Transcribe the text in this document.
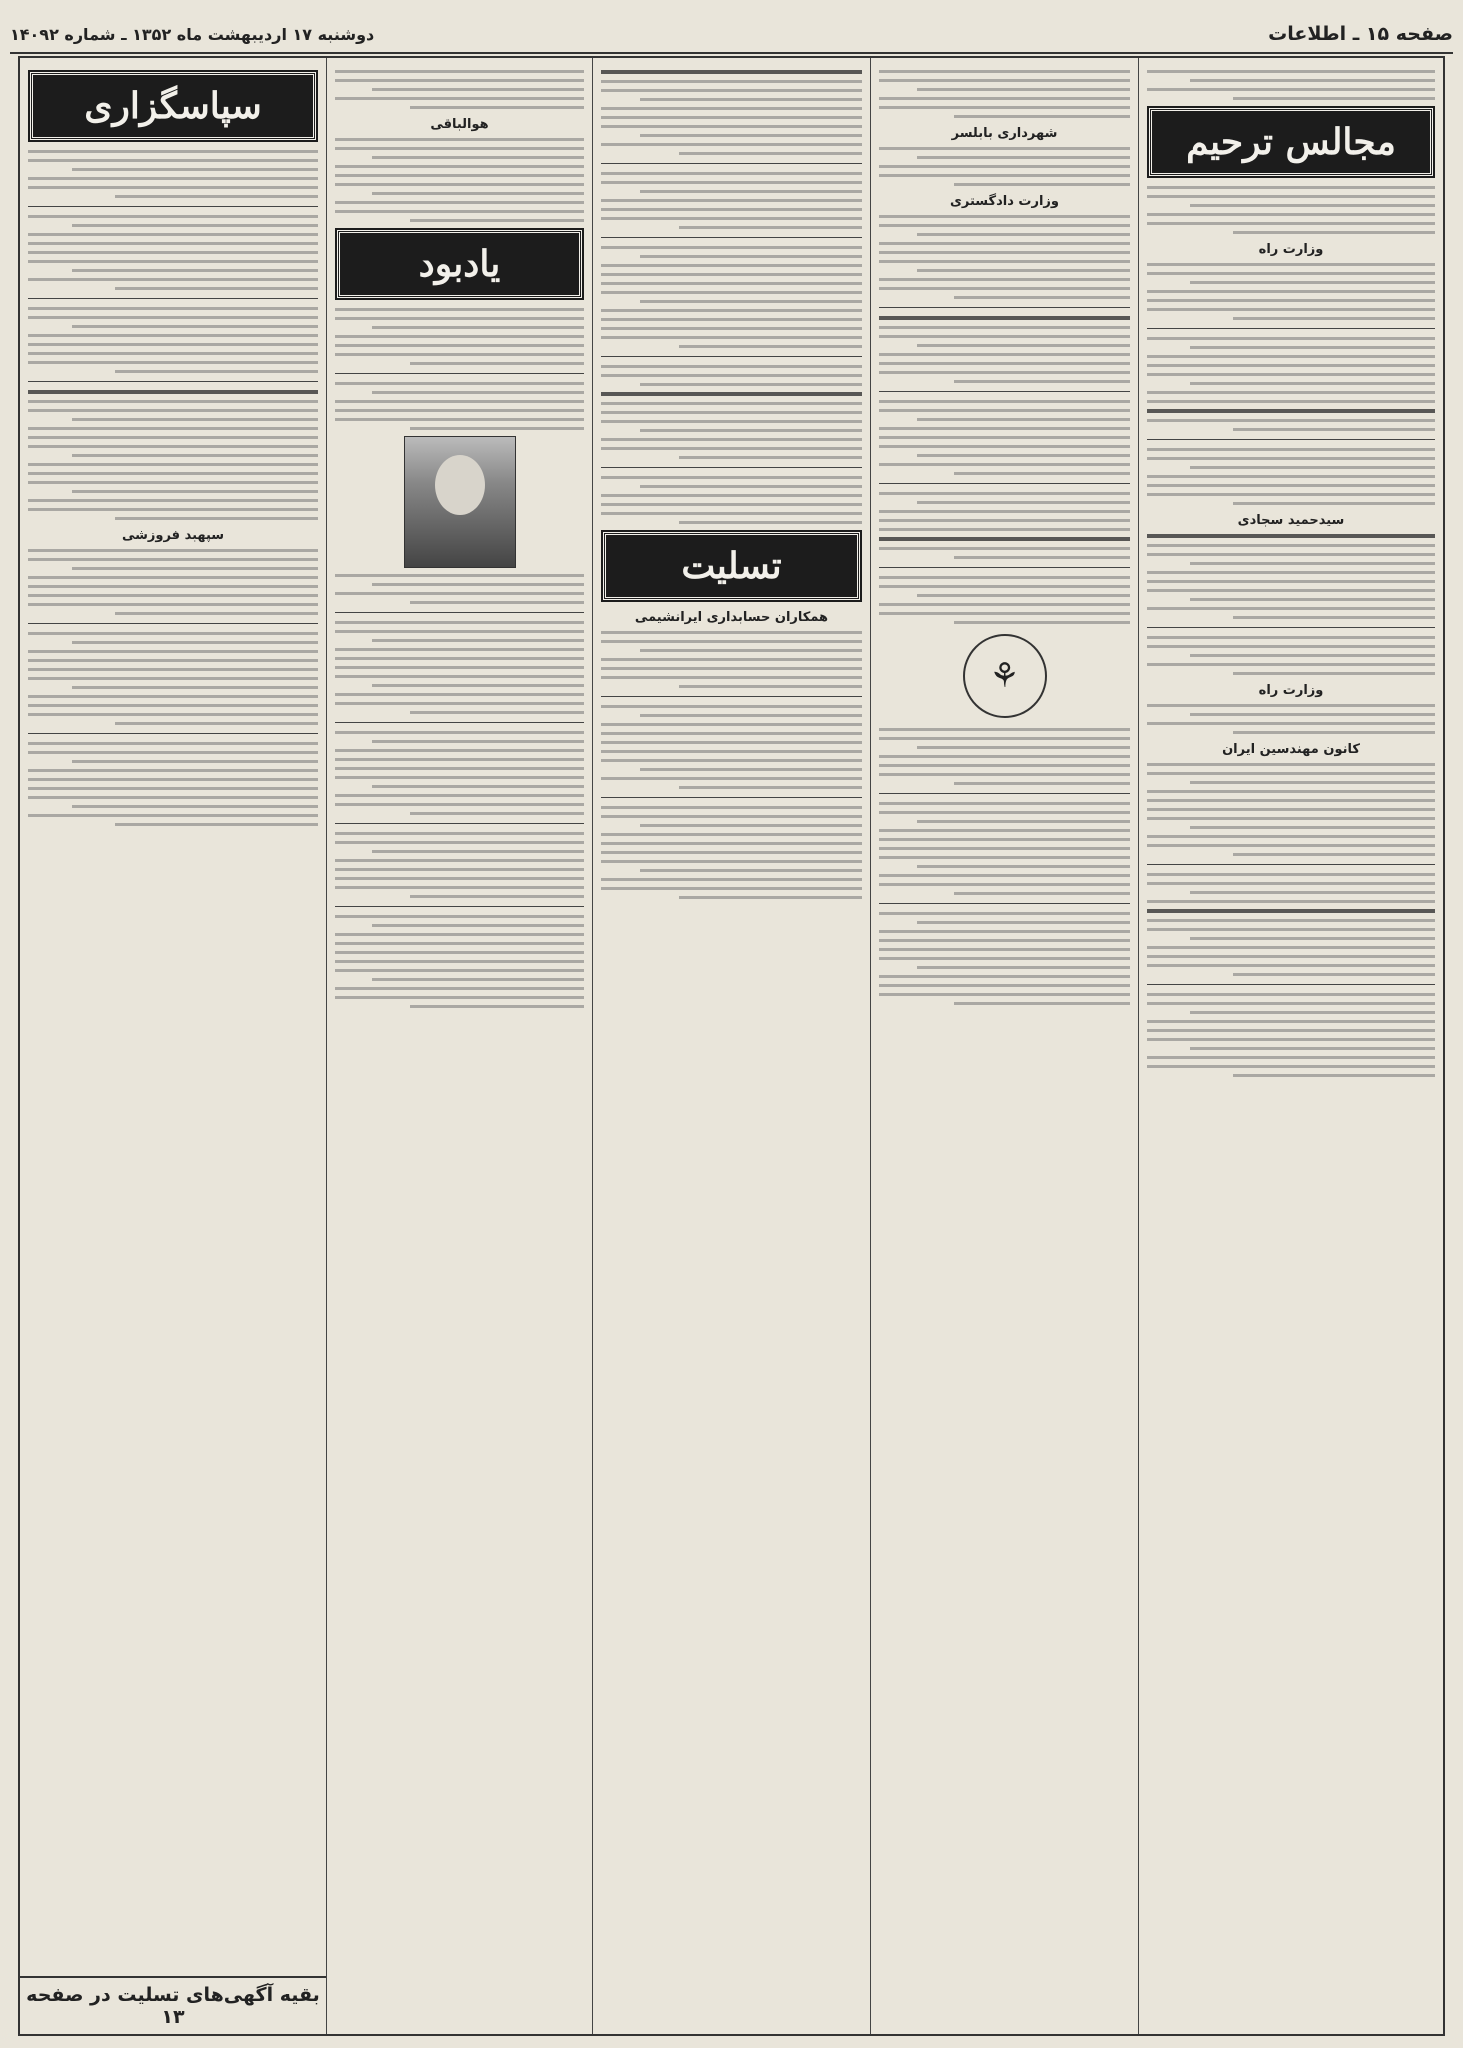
صفحه ۱۵ ـ اطلاعات
دوشنبه ۱۷ اردیبهشت ماه ۱۳۵۲ ـ شماره ۱۴۰۹۲
مجالس ترحیم
وزارت راه
سیدحمید سجادی
وزارت راه
کانون مهندسین ایران
شهرداری بابلسر
وزارت دادگستری
⚘
تسلیت
همکاران حسابداری ایرانشیمی
هوالباقی
یادبود
سپاسگزاری
سپهبد فروزشی
بقیه آگهی‌های تسلیت در صفحه ۱۳
